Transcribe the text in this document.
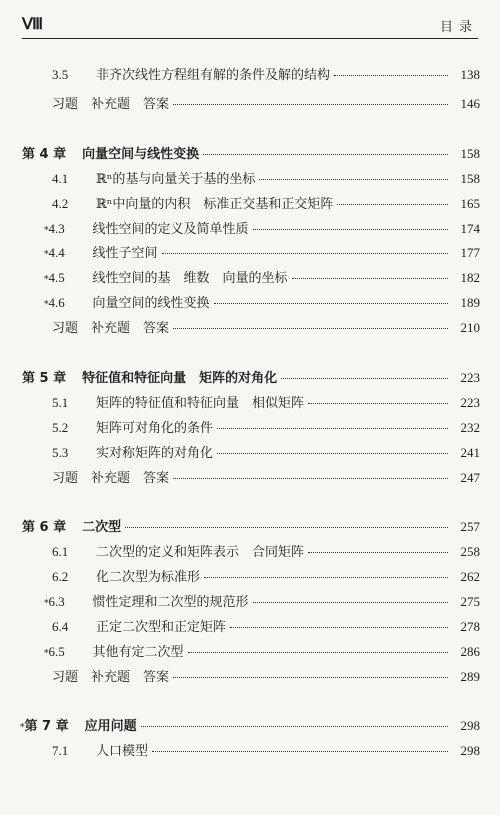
Ⅷ	目录
3.5	非齐次线性方程组有解的条件及解的结构	138
习题　补充题　答案	146
第 4 章 向量空间与线性变换	158
4.1	ℝⁿ的基与向量关于基的坐标	158
4.2	ℝⁿ中向量的内积　标准正交基和正交矩阵	165
* 4.3	线性空间的定义及简单性质	174
* 4.4	线性子空间	177
* 4.5	线性空间的基　维数　向量的坐标	182
* 4.6	向量空间的线性变换	189
习题　补充题　答案	210
第 5 章 特征值和特征向量　矩阵的对角化	223
5.1	矩阵的特征值和特征向量　相似矩阵	223
5.2	矩阵可对角化的条件	232
5.3	实对称矩阵的对角化	241
习题　补充题　答案	247
第 6 章 二次型	257
6.1	二次型的定义和矩阵表示　合同矩阵	258
6.2	化二次型为标准形	262
* 6.3	惯性定理和二次型的规范形	275
6.4	正定二次型和正定矩阵	278
* 6.5	其他有定二次型	286
习题　补充题　答案	289
* 第 7 章 应用问题	298
7.1	人口模型	298
